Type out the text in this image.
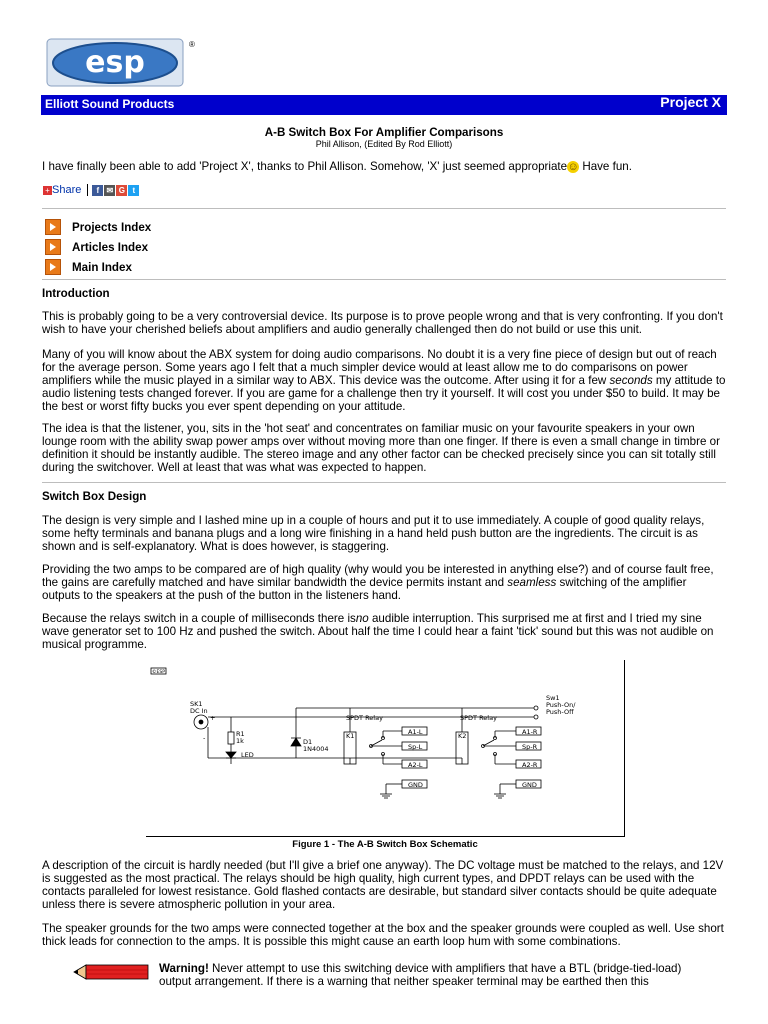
esp
®
Elliott Sound Products	Project X
A-B Switch Box For Amplifier Comparisons
Phil Allison, (Edited By Rod Elliott)
I have finally been able to add 'Project X', thanks to Phil Allison. Somehow, 'X' just seemed appropriate☺ Have fun.
+ Share f ✉ G t
Projects Index
Articles Index
Main Index
Introduction
This is probably going to be a very controversial device. Its purpose is to prove people wrong and that is very confronting. If you don't wish to have your cherished beliefs about amplifiers and audio generally challenged then do not build or use this unit.
Many of you will know about the ABX system for doing audio comparisons. No doubt it is a very fine piece of design but out of reach for the average person. Some years ago I felt that a much simpler device would at least allow me to do comparisons on power amplifiers while the music played in a similar way to ABX. This device was the outcome. After using it for a few seconds my attitude to audio listening tests changed forever. If you are game for a challenge then try it yourself. It will cost you under $50 to build. It may be the best or worst fifty bucks you ever spent depending on your attitude.
The idea is that the listener, you, sits in the 'hot seat' and concentrates on familiar music on your favourite speakers in your own lounge room with the ability swap power amps over without moving more than one finger. If there is even a small change in timbre or definition it should be instantly audible. The stereo image and any other factor can be checked precisely since you can sit totally still during the switchover. Well at least that was what was expected to happen.
Switch Box Design
The design is very simple and I lashed mine up in a couple of hours and put it to use immediately. A couple of good quality relays, some hefty terminals and banana plugs and a long wire finishing in a hand held push button are the ingredients. The circuit is as shown and is self-explanatory. What is does however, is staggering.
Providing the two amps to be compared are of high quality (why would you be interested in anything else?) and of course fault free, the gains are carefully matched and have similar bandwidth the device permits instant and seamless switching of the amplifier outputs to the speakers at the push of the button in the listeners hand.
Because the relays switch in a couple of milliseconds there isno audible interruption. This surprised me at first and I tried my sine wave generator set to 100 Hz and pushed the switch. About half the time I could hear a faint 'tick' sound but this was not audible on musical programme.
©ESP
SK1
DC In
+
-	R1
1k
LED
D1
1N4004
SPDT Relay	SPDT Relay
K1	K2
A1-L
Sp-L
A2-L
GND
A1-R
Sp-R
A2-R
GND
Sw1
Push-On/
Push-Off
Figure 1 - The A-B Switch Box Schematic
A description of the circuit is hardly needed (but I'll give a brief one anyway). The DC voltage must be matched to the relays, and 12V is suggested as the most practical. The relays should be high quality, high current types, and DPDT relays can be used with the contacts paralleled for lowest resistance. Gold flashed contacts are desirable, but standard silver contacts should be quite adequate unless there is severe atmospheric pollution in your area.
The speaker grounds for the two amps were connected together at the box and the speaker grounds were coupled as well. Use short thick leads for connection to the amps. It is possible this might cause an earth loop hum with some combinations.
Warning! Never attempt to use this switching device with amplifiers that have a BTL (bridge-tied-load) output arrangement. If there is a warning that neither speaker terminal may be earthed then this
